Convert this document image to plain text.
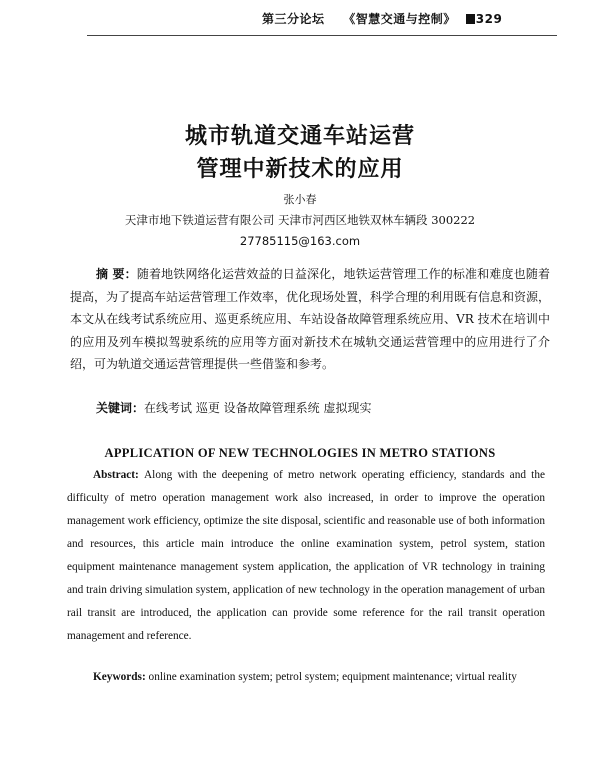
第三分论坛 《智慧交通与控制》 329
城市轨道交通车站运营
管理中新技术的应用
张小春
天津市地下铁道运营有限公司 天津市河西区地铁双林车辆段 300222
27785115@163.com
摘 要：随着地铁网络化运营效益的日益深化，地铁运营管理工作的标准和难度也随着提高，为了提高车站运营管理工作效率，优化现场处置，科学合理的利用既有信息和资源，本文从在线考试系统应用、巡更系统应用、车站设备故障管理系统应用、VR 技术在培训中的应用及列车模拟驾驶系统的应用等方面对新技术在城轨交通运营管理中的应用进行了介绍，可为轨道交通运营管理提供一些借鉴和参考。
关键词：在线考试 巡更 设备故障管理系统 虚拟现实
APPLICATION OF NEW TECHNOLOGIES IN METRO STATIONS
Abstract: Along with the deepening of metro network operating efficiency, standards and the difficulty of metro operation management work also increased, in order to improve the operation management work efficiency, optimize the site disposal, scientific and reasonable use of both information and resources, this article main introduce the online examination system, petrol system, station equipment maintenance management system application, the application of VR technology in training and train driving simulation system, application of new technology in the operation management of urban rail transit are introduced, the application can provide some reference for the rail transit operation management and reference.
Keywords: online examination system; petrol system; equipment maintenance; virtual reality
